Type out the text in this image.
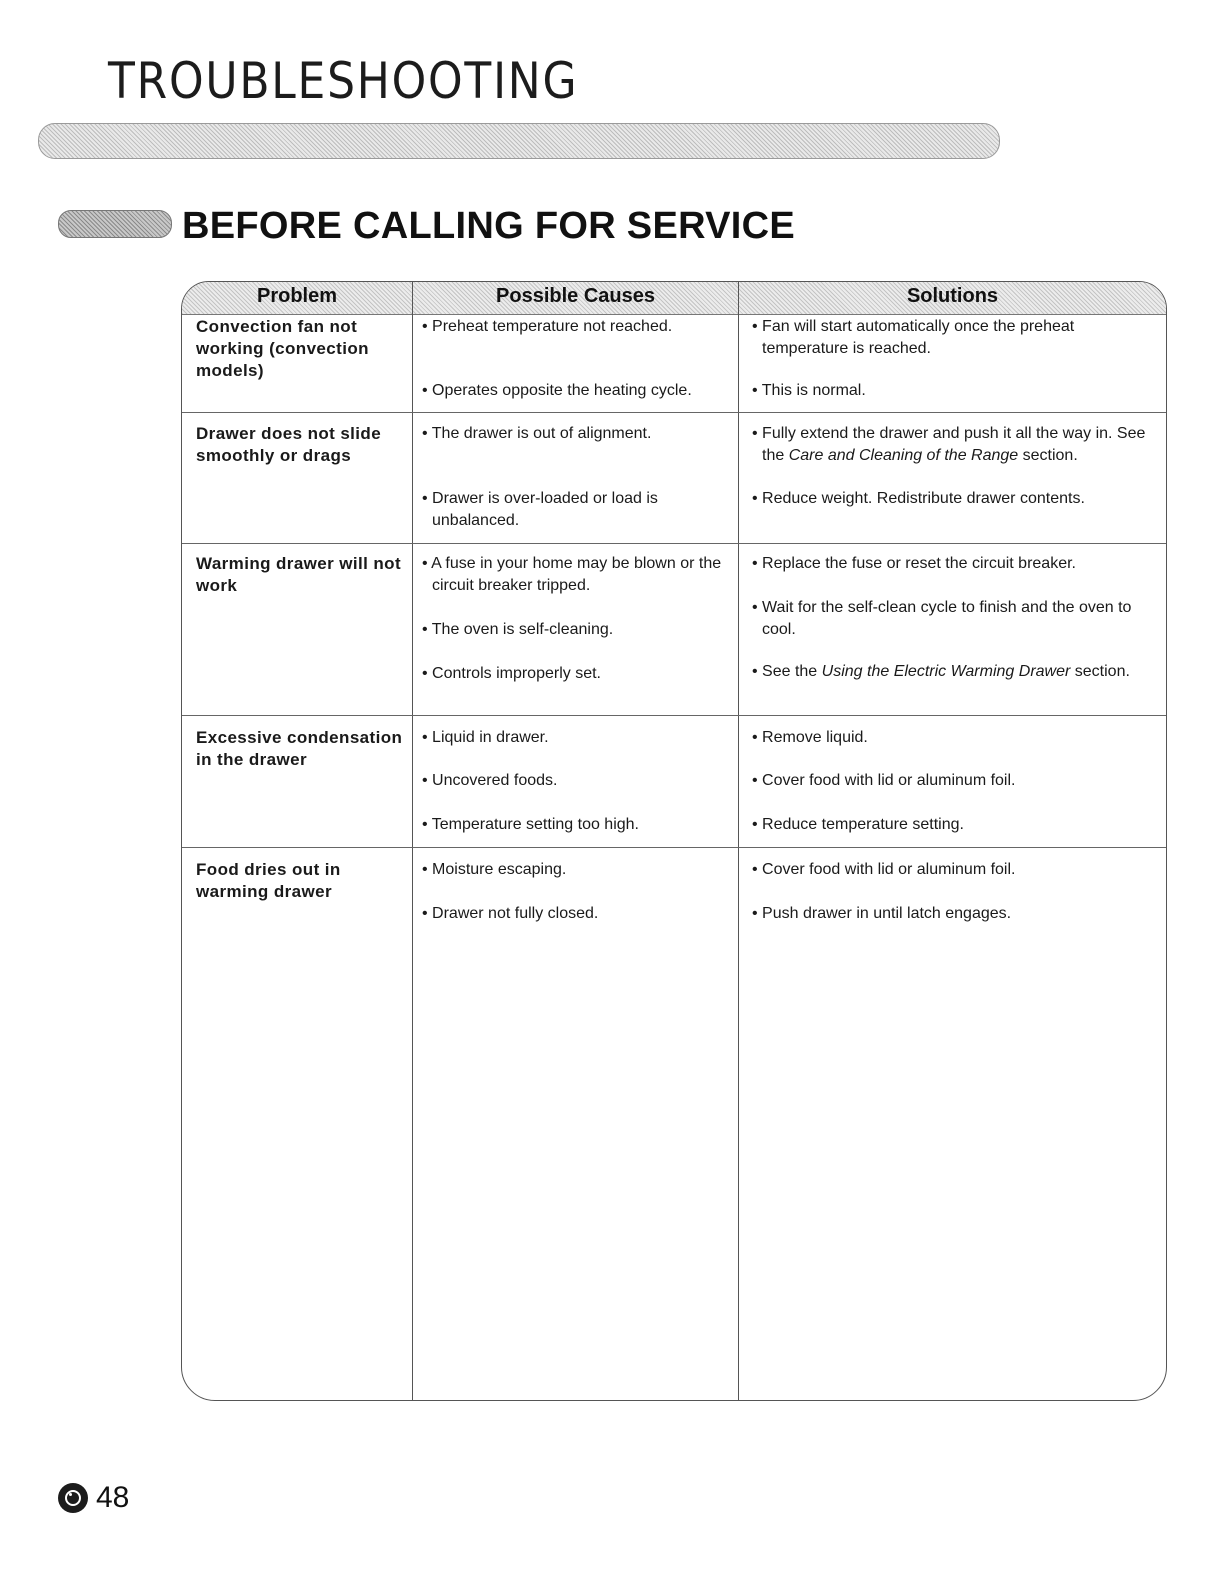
TROUBLESHOOTING
BEFORE CALLING FOR SERVICE
Problem	Possible Causes	Solutions
Convection fan not working (convection models)
• Preheat temperature not reached.
• Operates opposite the heating cycle.
• Fan will start automatically once the preheat temperature is reached.
• This is normal.
Drawer does not slide smoothly or drags
• The drawer is out of alignment.
• Drawer is over-loaded or load is unbalanced.
• Fully extend the drawer and push it all the way in. See the Care and Cleaning of the Range section.
• Reduce weight. Redistribute drawer contents.
Warming drawer will not work
• A fuse in your home may be blown or the circuit breaker tripped.
• The oven is self-cleaning.
• Controls improperly set.
• Replace the fuse or reset the circuit breaker.
• Wait for the self-clean cycle to finish and the oven to cool.
• See the Using the Electric Warming Drawer section.
Excessive condensation in the drawer
• Liquid in drawer.
• Uncovered foods.
• Temperature setting too high.
• Remove liquid.
• Cover food with lid or aluminum foil.
• Reduce temperature setting.
Food dries out in warming drawer
• Moisture escaping.
• Drawer not fully closed.
• Cover food with lid or aluminum foil.
• Push drawer in until latch engages.
48
